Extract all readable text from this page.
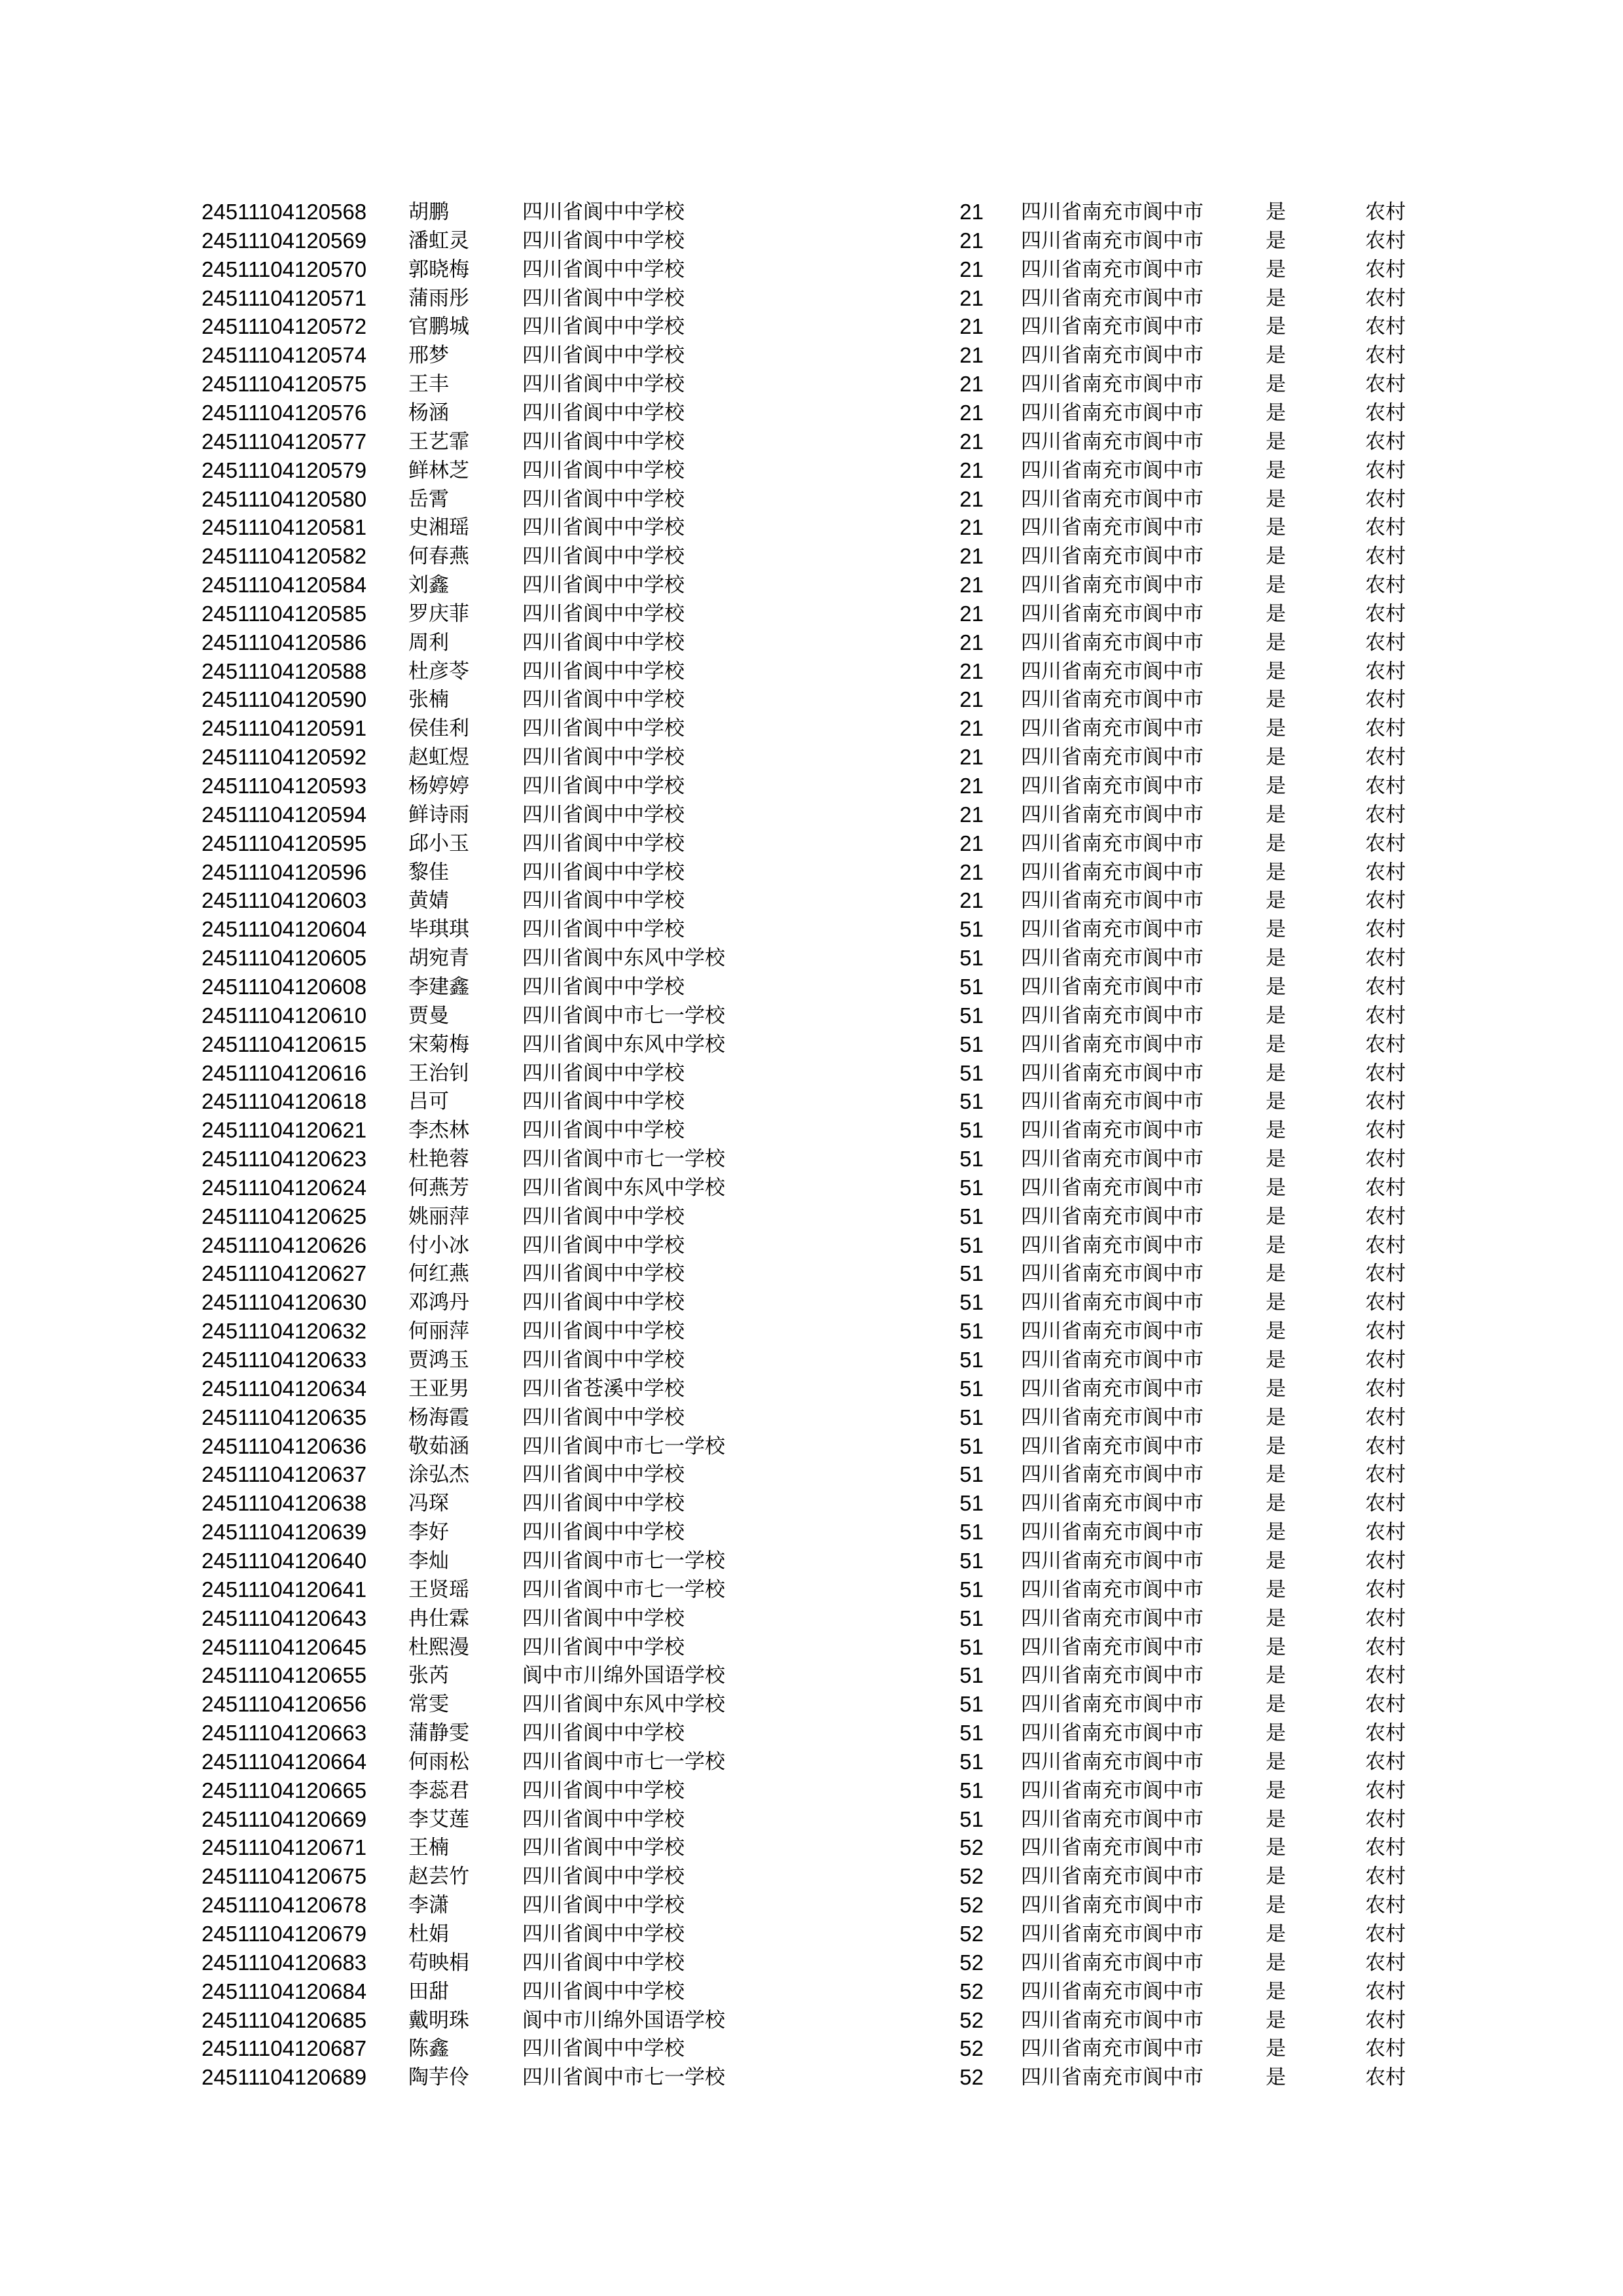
24511104120568 胡鹏	四川省阆中中学校	21 四川省南充市阆中市	是	农村
24511104120569 潘虹灵	四川省阆中中学校	21 四川省南充市阆中市	是	农村
24511104120570 郭晓梅	四川省阆中中学校	21 四川省南充市阆中市	是	农村
24511104120571 蒲雨彤	四川省阆中中学校	21 四川省南充市阆中市	是	农村
24511104120572 官鹏城	四川省阆中中学校	21 四川省南充市阆中市	是	农村
24511104120574 邢梦	四川省阆中中学校	21 四川省南充市阆中市	是	农村
24511104120575 王丰	四川省阆中中学校	21 四川省南充市阆中市	是	农村
24511104120576 杨涵	四川省阆中中学校	21 四川省南充市阆中市	是	农村
24511104120577 王艺霏	四川省阆中中学校	21 四川省南充市阆中市	是	农村
24511104120579 鲜林芝	四川省阆中中学校	21 四川省南充市阆中市	是	农村
24511104120580 岳霄	四川省阆中中学校	21 四川省南充市阆中市	是	农村
24511104120581 史湘瑶	四川省阆中中学校	21 四川省南充市阆中市	是	农村
24511104120582 何春燕	四川省阆中中学校	21 四川省南充市阆中市	是	农村
24511104120584 刘鑫	四川省阆中中学校	21 四川省南充市阆中市	是	农村
24511104120585 罗庆菲	四川省阆中中学校	21 四川省南充市阆中市	是	农村
24511104120586 周利	四川省阆中中学校	21 四川省南充市阆中市	是	农村
24511104120588 杜彦苓	四川省阆中中学校	21 四川省南充市阆中市	是	农村
24511104120590 张楠	四川省阆中中学校	21 四川省南充市阆中市	是	农村
24511104120591 侯佳利	四川省阆中中学校	21 四川省南充市阆中市	是	农村
24511104120592 赵虹煜	四川省阆中中学校	21 四川省南充市阆中市	是	农村
24511104120593 杨婷婷	四川省阆中中学校	21 四川省南充市阆中市	是	农村
24511104120594 鲜诗雨	四川省阆中中学校	21 四川省南充市阆中市	是	农村
24511104120595 邱小玉	四川省阆中中学校	21 四川省南充市阆中市	是	农村
24511104120596 黎佳	四川省阆中中学校	21 四川省南充市阆中市	是	农村
24511104120603 黄婧	四川省阆中中学校	21 四川省南充市阆中市	是	农村
24511104120604 毕琪琪	四川省阆中中学校	51 四川省南充市阆中市	是	农村
24511104120605 胡宛青	四川省阆中东风中学校	51 四川省南充市阆中市	是	农村
24511104120608 李建鑫	四川省阆中中学校	51 四川省南充市阆中市	是	农村
24511104120610 贾曼	四川省阆中市七一学校	51 四川省南充市阆中市	是	农村
24511104120615 宋菊梅	四川省阆中东风中学校	51 四川省南充市阆中市	是	农村
24511104120616 王治钊	四川省阆中中学校	51 四川省南充市阆中市	是	农村
24511104120618 吕可	四川省阆中中学校	51 四川省南充市阆中市	是	农村
24511104120621 李杰林	四川省阆中中学校	51 四川省南充市阆中市	是	农村
24511104120623 杜艳蓉	四川省阆中市七一学校	51 四川省南充市阆中市	是	农村
24511104120624 何燕芳	四川省阆中东风中学校	51 四川省南充市阆中市	是	农村
24511104120625 姚丽萍	四川省阆中中学校	51 四川省南充市阆中市	是	农村
24511104120626 付小冰	四川省阆中中学校	51 四川省南充市阆中市	是	农村
24511104120627 何红燕	四川省阆中中学校	51 四川省南充市阆中市	是	农村
24511104120630 邓鸿丹	四川省阆中中学校	51 四川省南充市阆中市	是	农村
24511104120632 何丽萍	四川省阆中中学校	51 四川省南充市阆中市	是	农村
24511104120633 贾鸿玉	四川省阆中中学校	51 四川省南充市阆中市	是	农村
24511104120634 王亚男	四川省苍溪中学校	51 四川省南充市阆中市	是	农村
24511104120635 杨海霞	四川省阆中中学校	51 四川省南充市阆中市	是	农村
24511104120636 敬茹涵	四川省阆中市七一学校	51 四川省南充市阆中市	是	农村
24511104120637 涂弘杰	四川省阆中中学校	51 四川省南充市阆中市	是	农村
24511104120638 冯琛	四川省阆中中学校	51 四川省南充市阆中市	是	农村
24511104120639 李好	四川省阆中中学校	51 四川省南充市阆中市	是	农村
24511104120640 李灿	四川省阆中市七一学校	51 四川省南充市阆中市	是	农村
24511104120641 王贤瑶	四川省阆中市七一学校	51 四川省南充市阆中市	是	农村
24511104120643 冉仕霖	四川省阆中中学校	51 四川省南充市阆中市	是	农村
24511104120645 杜熙漫	四川省阆中中学校	51 四川省南充市阆中市	是	农村
24511104120655 张芮	阆中市川绵外国语学校	51 四川省南充市阆中市	是	农村
24511104120656 常雯	四川省阆中东风中学校	51 四川省南充市阆中市	是	农村
24511104120663 蒲静雯	四川省阆中中学校	51 四川省南充市阆中市	是	农村
24511104120664 何雨松	四川省阆中市七一学校	51 四川省南充市阆中市	是	农村
24511104120665 李蕊君	四川省阆中中学校	51 四川省南充市阆中市	是	农村
24511104120669 李艾莲	四川省阆中中学校	51 四川省南充市阆中市	是	农村
24511104120671 王楠	四川省阆中中学校	52 四川省南充市阆中市	是	农村
24511104120675 赵芸竹	四川省阆中中学校	52 四川省南充市阆中市	是	农村
24511104120678 李潇	四川省阆中中学校	52 四川省南充市阆中市	是	农村
24511104120679 杜娟	四川省阆中中学校	52 四川省南充市阆中市	是	农村
24511104120683 苟映梋	四川省阆中中学校	52 四川省南充市阆中市	是	农村
24511104120684 田甜	四川省阆中中学校	52 四川省南充市阆中市	是	农村
24511104120685 戴明珠	阆中市川绵外国语学校	52 四川省南充市阆中市	是	农村
24511104120687 陈鑫	四川省阆中中学校	52 四川省南充市阆中市	是	农村
24511104120689 陶芋伶	四川省阆中市七一学校	52 四川省南充市阆中市	是	农村
